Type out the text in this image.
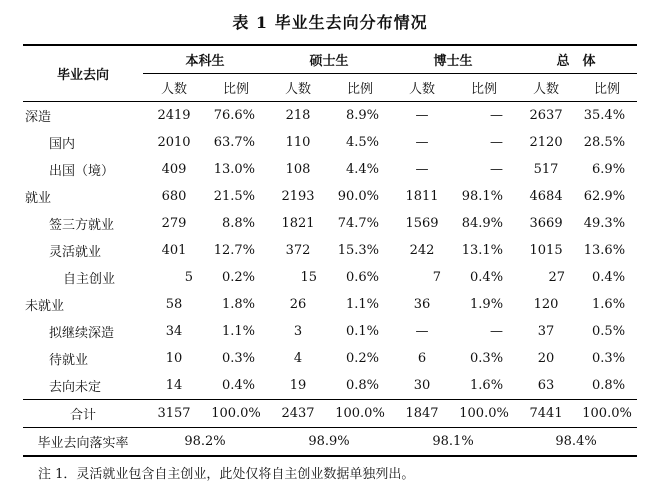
表 1 毕业生去向分布情况
毕业去向	本科生		硕士生		博士生		总　体	
	人数	比例	人数	比例	人数	比例	人数	比例
深造	2419	76.6%	218	8.9%	—	—	2637	35.4%
国内	2010	63.7%	110	4.5%	—	—	2120	28.5%
出国（境）	409	13.0%	108	4.4%	—	—	517	6.9%
就业	680	21.5%	2193	90.0%	1811	98.1%	4684	62.9%
签三方就业	279	8.8%	1821	74.7%	1569	84.9%	3669	49.3%
灵活就业	401	12.7%	372	15.3%	242	13.1%	1015	13.6%
自主创业	5	0.2%	15	0.6%	7	0.4%	27	0.4%
未就业	58	1.8%	26	1.1%	36	1.9%	120	1.6%
拟继续深造	34	1.1%	3	0.1%	—	—	37	0.5%
待就业	10	0.3%	4	0.2%	6	0.3%	20	0.3%
去向未定	14	0.4%	19	0.8%	30	1.6%	63	0.8%
合计	3157	100.0%	2437	100.0%	1847	100.0%	7441	100.0%
毕业去向落实率	98.2%		98.9%		98.1%		98.4%	
注 1．灵活就业包含自主创业，此处仅将自主创业数据单独列出。
